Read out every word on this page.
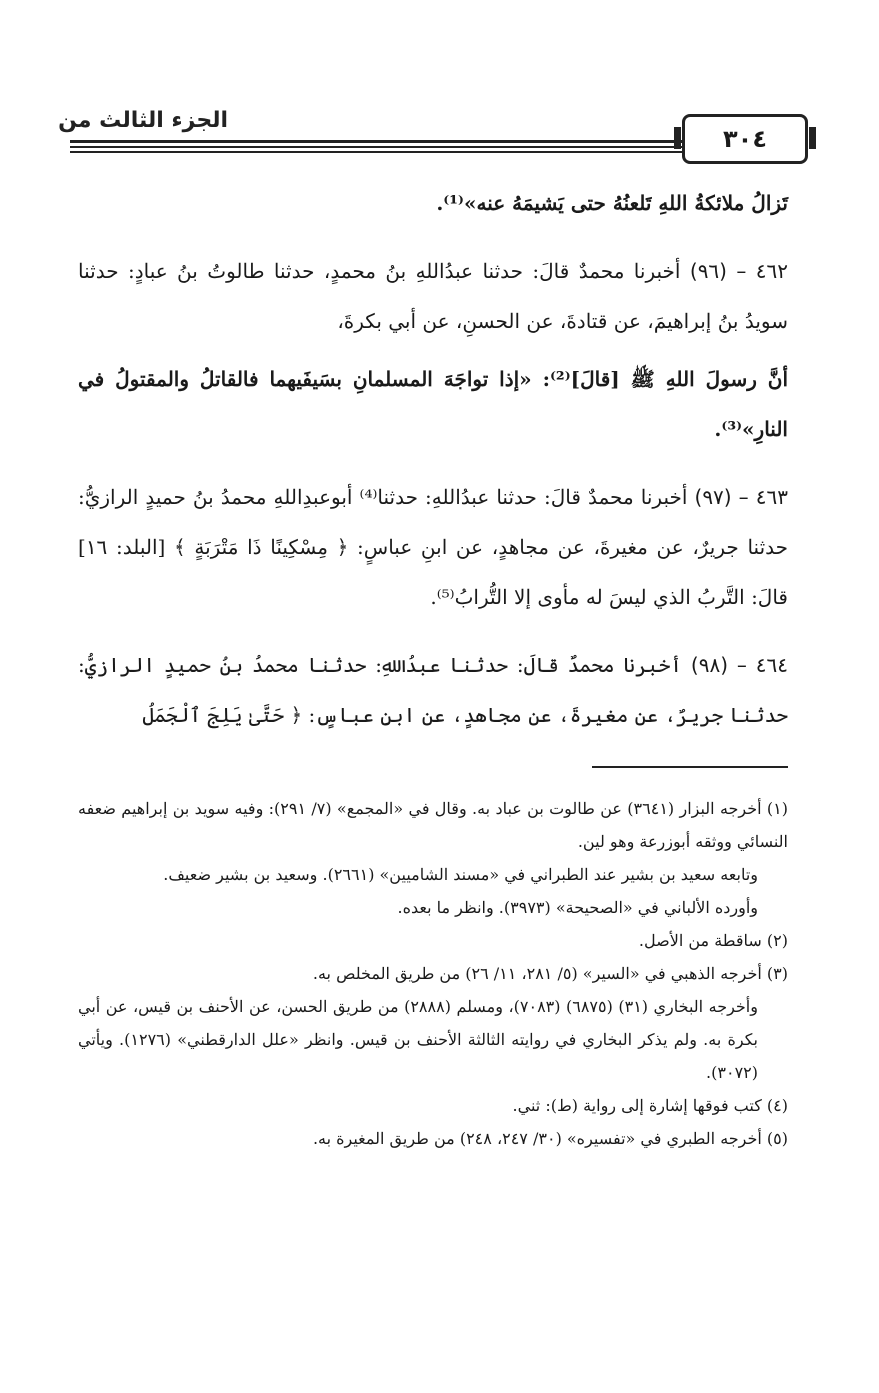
الجزء الثالث من
٣٠٤

تَزالُ ملائكةُ اللهِ تَلعنُهُ حتى يَشيمَهُ عنه»⁽¹⁾.

٤٦٢ – (٩٦) أخبرنا محمدٌ قالَ: حدثنا عبدُاللهِ بنُ محمدٍ، حدثنا طالوتُ بنُ عبادٍ: حدثنا سويدُ بنُ إبراهيمَ، عن قتادةَ، عن الحسنِ، عن أبي بكرةَ،

أنَّ رسولَ اللهِ ﷺ [قالَ]⁽²⁾: «إذا تواجَهَ المسلمانِ بسَيفَيهما فالقاتلُ والمقتولُ في النارِ»⁽³⁾.

٤٦٣ – (٩٧) أخبرنا محمدٌ قالَ: حدثنا عبدُاللهِ: حدثنا⁽⁴⁾ أبوعبدِاللهِ محمدُ بنُ حميدٍ الرازيُّ: حدثنا جريرٌ، عن مغيرةَ، عن مجاهدٍ، عن ابنِ عباسٍ: ﴿ مِسْكِينًا ذَا مَتْرَبَةٍ ﴾ [البلد: ١٦] قالَ: التَّربُ الذي ليسَ له مأوى إلا التُّرابُ⁽⁵⁾.

٤٦٤ – (٩٨) أخبرنا محمدٌ قالَ: حدثنا عبدُاللهِ: حدثنا محمدُ بنُ حميدٍ الرازيُّ: حدثنا جريرٌ، عن مغيرةَ، عن مجاهدٍ، عن ابنِ عباسٍ: ﴿ حَتَّىٰ يَلِجَ ٱلْجَمَلُ

(١) أخرجه البزار (٣٦٤١) عن طالوت بن عباد به. وقال في «المجمع» (٧/ ٢٩١): وفيه سويد بن إبراهيم ضعفه النسائي ووثقه أبوزرعة وهو لين.

وتابعه سعيد بن بشير عند الطبراني في «مسند الشاميين» (٢٦٦١). وسعيد بن بشير ضعيف.

وأورده الألباني في «الصحيحة» (٣٩٧٣). وانظر ما بعده.

(٢) ساقطة من الأصل.

(٣) أخرجه الذهبي في «السير» (٥/ ٢٨١، ١١/ ٢٦) من طريق المخلص به.

وأخرجه البخاري (٣١) (٦٨٧٥) (٧٠٨٣)، ومسلم (٢٨٨٨) من طريق الحسن، عن الأحنف بن قيس، عن أبي بكرة به. ولم يذكر البخاري في روايته الثالثة الأحنف بن قيس. وانظر «علل الدارقطني» (١٢٧٦). ويأتي (٣٠٧٢).

(٤) كتب فوقها إشارة إلى رواية (ط): ثني.

(٥) أخرجه الطبري في «تفسيره» (٣٠/ ٢٤٧، ٢٤٨) من طريق المغيرة به.
